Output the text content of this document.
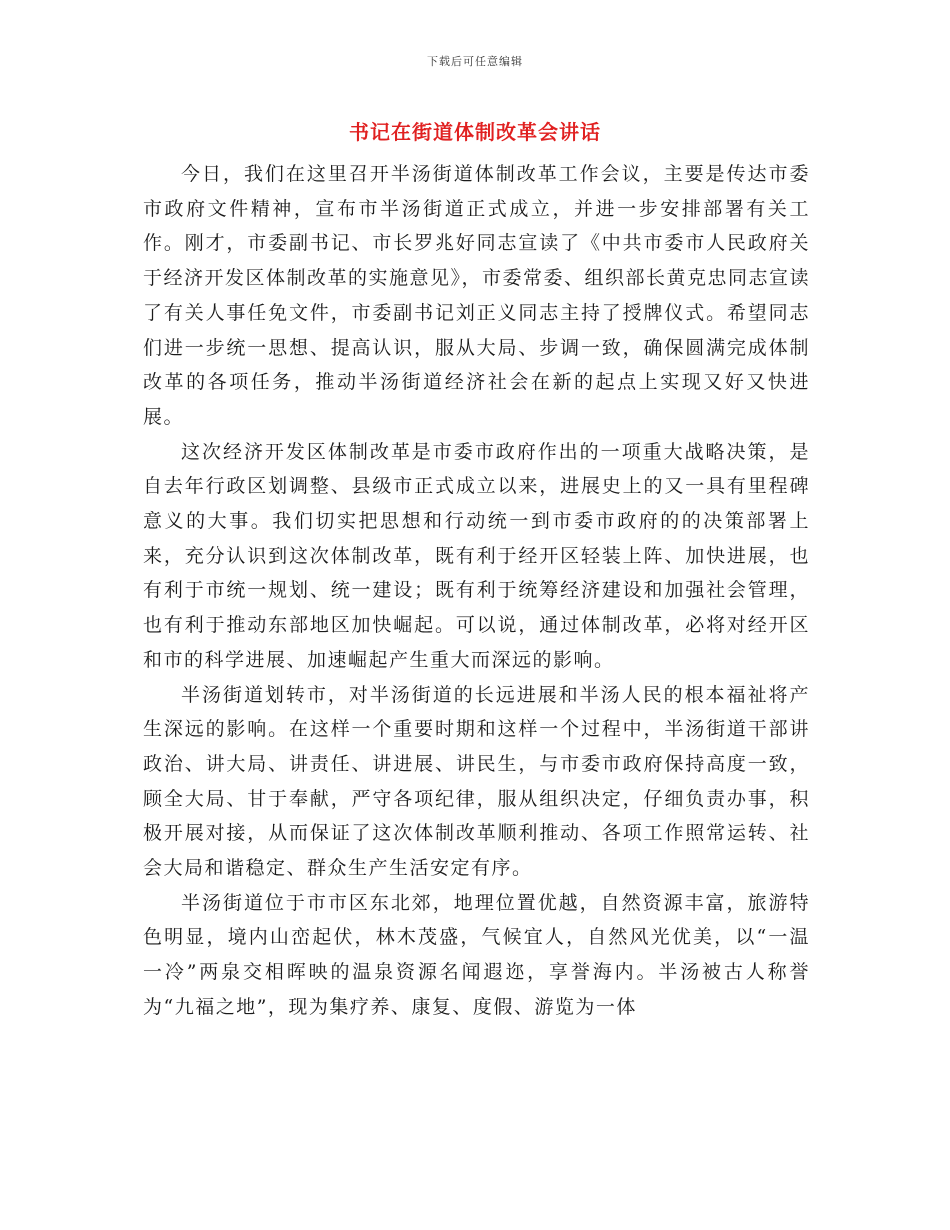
下载后可任意编辑
书记在街道体制改革会讲话

今日，我们在这里召开半汤街道体制改革工作会议，主要是传达市委市政府文件精神，宣布市半汤街道正式成立，并进一步安排部署有关工作。刚才，市委副书记、市长罗兆好同志宣读了《中共市委市人民政府关于经济开发区体制改革的实施意见》，市委常委、组织部长黄克忠同志宣读了有关人事任免文件，市委副书记刘正义同志主持了授牌仪式。希望同志们进一步统一思想、提高认识，服从大局、步调一致，确保圆满完成体制改革的各项任务，推动半汤街道经济社会在新的起点上实现又好又快进展。

这次经济开发区体制改革是市委市政府作出的一项重大战略决策，是自去年行政区划调整、县级市正式成立以来，进展史上的又一具有里程碑意义的大事。我们切实把思想和行动统一到市委市政府的的决策部署上来，充分认识到这次体制改革，既有利于经开区轻装上阵、加快进展，也有利于市统一规划、统一建设；既有利于统筹经济建设和加强社会管理，也有利于推动东部地区加快崛起。可以说，通过体制改革，必将对经开区和市的科学进展、加速崛起产生重大而深远的影响。

半汤街道划转市，对半汤街道的长远进展和半汤人民的根本福祉将产生深远的影响。在这样一个重要时期和这样一个过程中，半汤街道干部讲政治、讲大局、讲责任、讲进展、讲民生，与市委市政府保持高度一致，顾全大局、甘于奉献，严守各项纪律，服从组织决定，仔细负责办事，积极开展对接，从而保证了这次体制改革顺利推动、各项工作照常运转、社会大局和谐稳定、群众生产生活安定有序。

半汤街道位于市市区东北郊，地理位置优越，自然资源丰富，旅游特色明显，境内山峦起伏，林木茂盛，气候宜人，自然风光优美，以“一温一冷”两泉交相晖映的温泉资源名闻遐迩，享誉海内。半汤被古人称誉为“九福之地”，现为集疗养、康复、度假、游览为一体
